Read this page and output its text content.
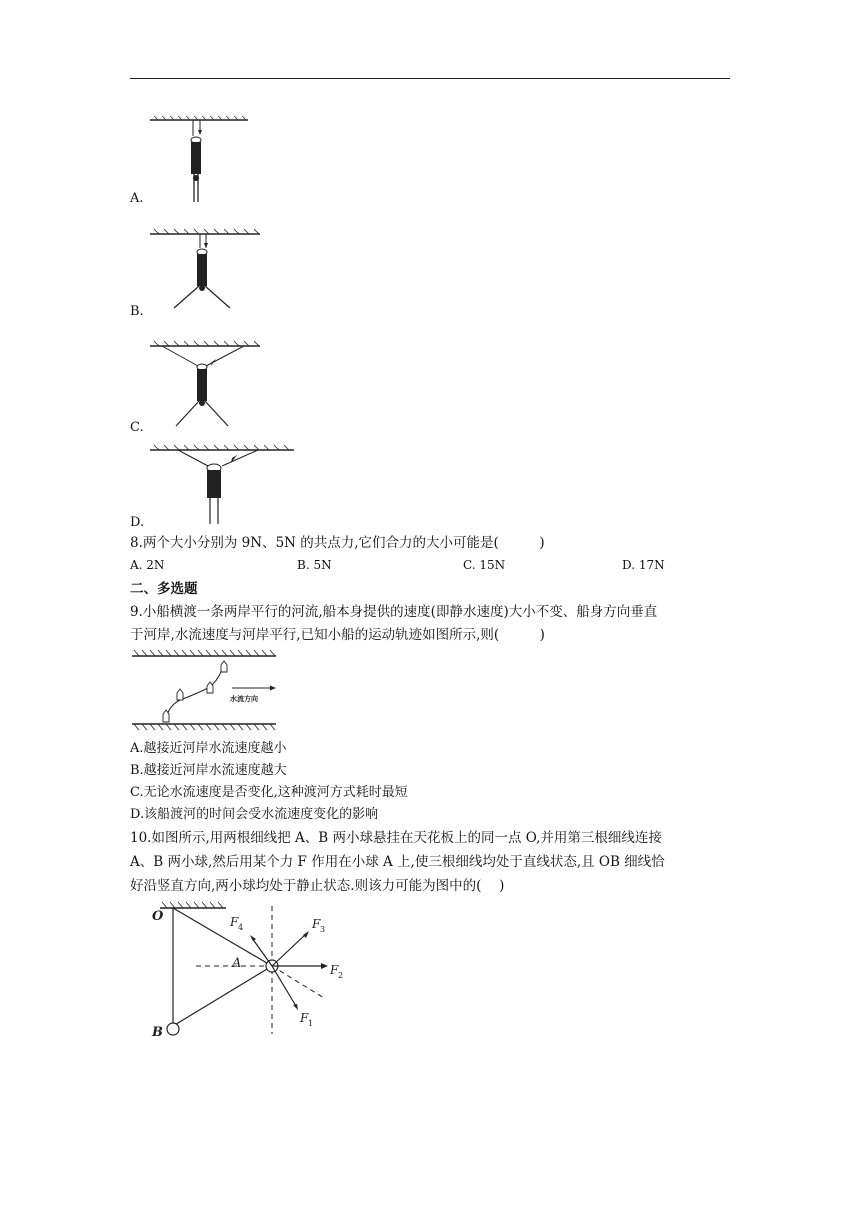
A.
B.
C.
D.
8.两个大小分别为 9N、5N 的共点力,它们合力的大小可能是(　　　)
A. 2N	B. 5N	C. 15N	D. 17N
二、多选题
9.小船横渡一条两岸平行的河流,船本身提供的速度(即静水速度)大小不变、船身方向垂直
于河岸,水流速度与河岸平行,已知小船的运动轨迹如图所示,则(　　　)
水流方向
A.越接近河岸水流速度越小
B.越接近河岸水流速度越大
C.无论水流速度是否变化,这种渡河方式耗时最短
D.该船渡河的时间会受水流速度变化的影响
10.如图所示,用两根细线把 A、B 两小球悬挂在天花板上的同一点 O,并用第三根细线连接
A、B 两小球,然后用某个力 F 作用在小球 A 上,使三根细线均处于直线状态,且 OB 细线恰
好沿竖直方向,两小球均处于静止状态.则该力可能为图中的(　 )
O
A
B
F 4	F 3
F 2
F 1
